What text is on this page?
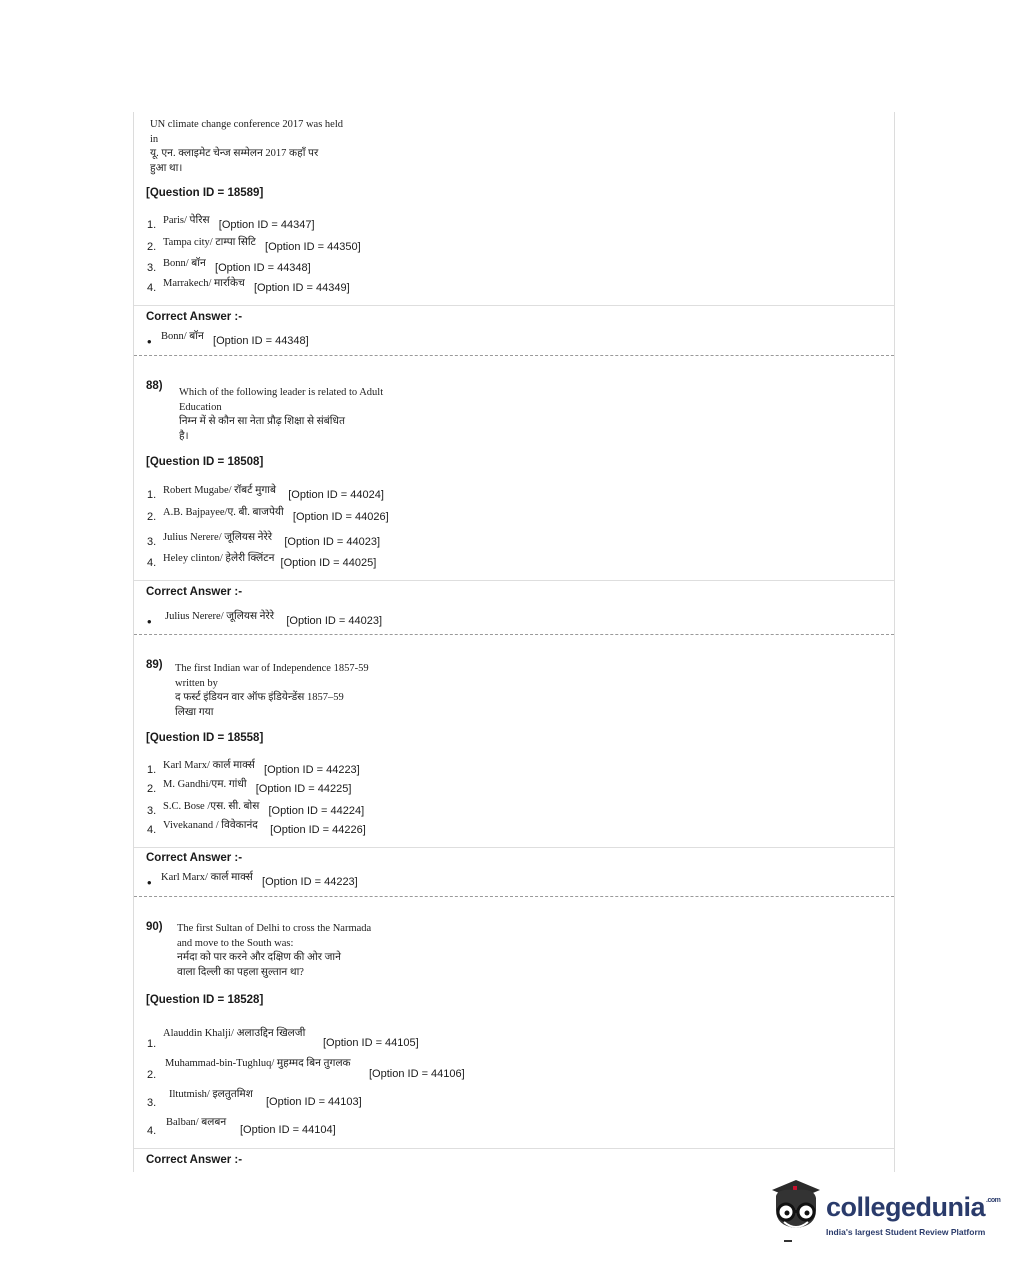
UN climate change conference 2017 was held
in
यू. एन. क्लाइमेट चेन्ज सम्मेलन 2017 कहाँ पर
हुआ था।
[Question ID = 18589]
1. Paris/ पेरिस [Option ID = 44347]
2. Tampa city/ टाम्पा सिटि [Option ID = 44350]
3. Bonn/ बॉन [Option ID = 44348]
4. Marrakech/ मार्राकेच [Option ID = 44349]
Correct Answer :-
• Bonn/ बॉन [Option ID = 44348]
88)
Which of the following leader is related to Adult
Education
निम्न में से कौन सा नेता प्रौढ़ शिक्षा से संबंधित
है।
[Question ID = 18508]
1. Robert Mugabe/ रॉबर्ट मुगाबे [Option ID = 44024]
2. A.B. Bajpayee/ए. बी. बाजपेयी [Option ID = 44026]
3. Julius Nerere/ जूलियस नेरेरे [Option ID = 44023]
4. Heley clinton/ हेलेरी क्लिंटन [Option ID = 44025]
Correct Answer :-
• Julius Nerere/ जूलियस नेरेरे [Option ID = 44023]
89) The first Indian war of Independence 1857-59
written by
द फर्स्ट इंडियन वार ऑफ इंडियेन्डेंस 1857–59
लिखा गया
[Question ID = 18558]
1. Karl Marx/ कार्ल मार्क्स [Option ID = 44223]
2. M. Gandhi/एम. गांधी [Option ID = 44225]
3. S.C. Bose /एस. सी. बोस [Option ID = 44224]
4. Vivekanand / विवेकानंद [Option ID = 44226]
Correct Answer :-
• Karl Marx/ कार्ल मार्क्स [Option ID = 44223]
90) The first Sultan of Delhi to cross the Narmada
and move to the South was:
नर्मदा को पार करने और दक्षिण की ओर जाने
वाला दिल्ली का पहला सुल्तान था?
[Question ID = 18528]
Alauddin Khalji/ अलाउद्दिन खिलजी
1.	[Option ID = 44105]
Muhammad-bin-Tughluq/ मुहम्मद बिन तुगलक
2.	[Option ID = 44106]
Iltutmish/ इलतुतमिश
3.	[Option ID = 44103]
Balban/ बलबन
4.	[Option ID = 44104]
Correct Answer :-
collegedunia$^{.com}$
India's largest Student Review Platform
